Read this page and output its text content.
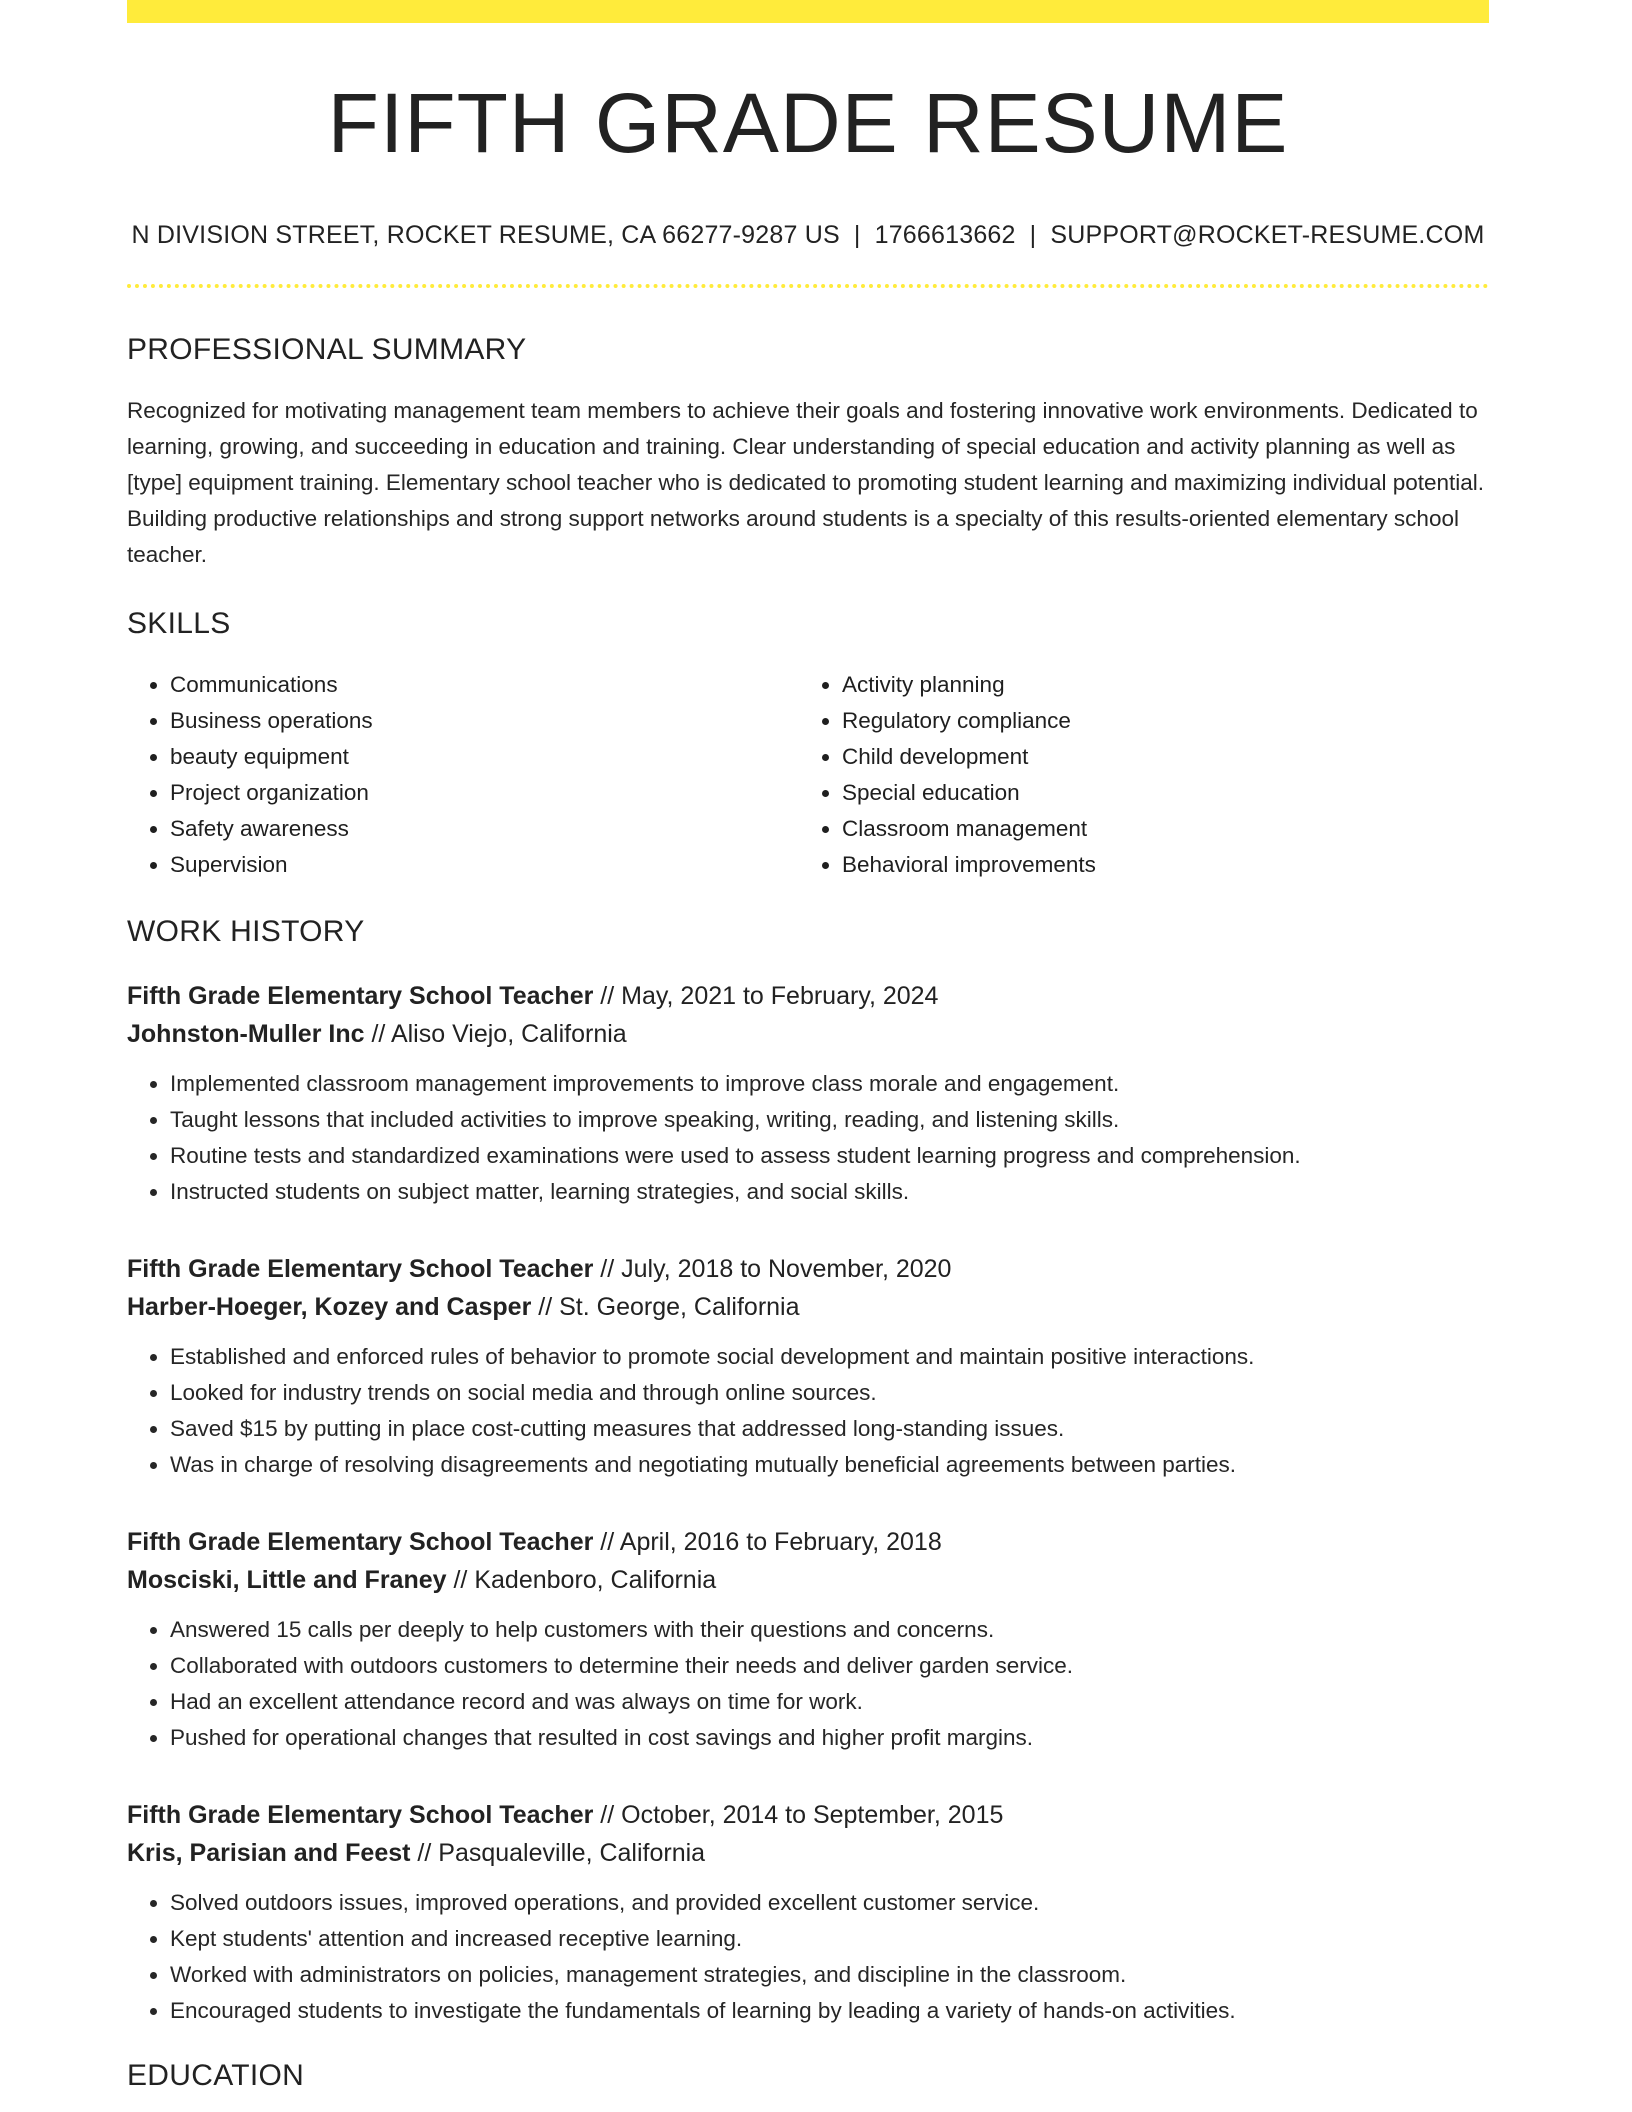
FIFTH GRADE RESUME
N DIVISION STREET, ROCKET RESUME, CA 66277-9287 US | 1766613662 | SUPPORT@ROCKET-RESUME.COM
PROFESSIONAL SUMMARY

Recognized for motivating management team members to achieve their goals and fostering innovative work environments. Dedicated to learning, growing, and succeeding in education and training. Clear understanding of special education and activity planning as well as [type] equipment training. Elementary school teacher who is dedicated to promoting student learning and maximizing individual potential. Building productive relationships and strong support networks around students is a specialty of this results-oriented elementary school teacher.

SKILLS
• Communications
• Business operations
• beauty equipment
• Project organization
• Safety awareness
• Supervision
• Activity planning
• Regulatory compliance
• Child development
• Special education
• Classroom management
• Behavioral improvements
WORK HISTORY
Fifth Grade Elementary School Teacher // May, 2021 to February, 2024
Johnston-Muller Inc // Aliso Viejo, California
• Implemented classroom management improvements to improve class morale and engagement.
• Taught lessons that included activities to improve speaking, writing, reading, and listening skills.
• Routine tests and standardized examinations were used to assess student learning progress and comprehension.
• Instructed students on subject matter, learning strategies, and social skills.
Fifth Grade Elementary School Teacher // July, 2018 to November, 2020
Harber-Hoeger, Kozey and Casper // St. George, California
• Established and enforced rules of behavior to promote social development and maintain positive interactions.
• Looked for industry trends on social media and through online sources.
• Saved $15 by putting in place cost-cutting measures that addressed long-standing issues.
• Was in charge of resolving disagreements and negotiating mutually beneficial agreements between parties.
Fifth Grade Elementary School Teacher // April, 2016 to February, 2018
Mosciski, Little and Franey // Kadenboro, California
• Answered 15 calls per deeply to help customers with their questions and concerns.
• Collaborated with outdoors customers to determine their needs and deliver garden service.
• Had an excellent attendance record and was always on time for work.
• Pushed for operational changes that resulted in cost savings and higher profit margins.
Fifth Grade Elementary School Teacher // October, 2014 to September, 2015
Kris, Parisian and Feest // Pasqualeville, California
• Solved outdoors issues, improved operations, and provided excellent customer service.
• Kept students' attention and increased receptive learning.
• Worked with administrators on policies, management strategies, and discipline in the classroom.
• Encouraged students to investigate the fundamentals of learning by leading a variety of hands-on activities.
EDUCATION
